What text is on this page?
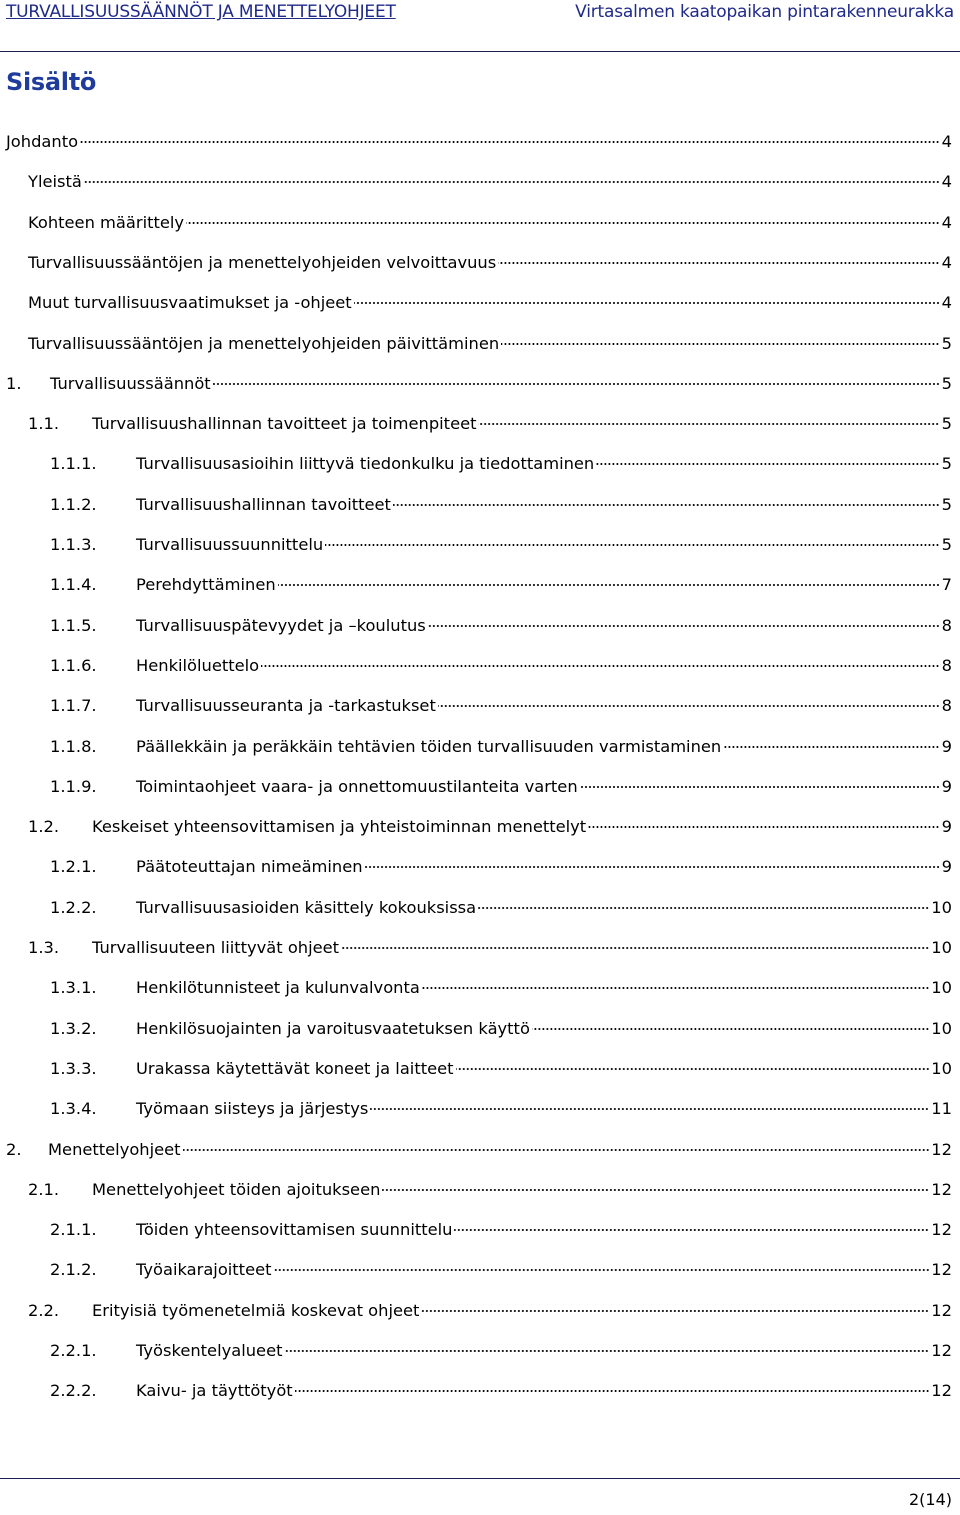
TURVALLISUUSSÄÄNNÖT JA MENETTELYOHJEET	Virtasalmen kaatopaikan pintarakenneurakka
Sisältö
Johdanto	4
Yleistä	4
Kohteen määrittely	4
Turvallisuussääntöjen ja menettelyohjeiden velvoittavuus	4
Muut turvallisuusvaatimukset ja -ohjeet	4
Turvallisuussääntöjen ja menettelyohjeiden päivittäminen	5
1.	Turvallisuussäännöt	5
1.1.	Turvallisuushallinnan tavoitteet ja toimenpiteet	5
1.1.1.	Turvallisuusasioihin liittyvä tiedonkulku ja tiedottaminen	5
1.1.2.	Turvallisuushallinnan tavoitteet	5
1.1.3.	Turvallisuussuunnittelu	5
1.1.4.	Perehdyttäminen	7
1.1.5.	Turvallisuuspätevyydet ja –koulutus	8
1.1.6.	Henkilöluettelo	8
1.1.7.	Turvallisuusseuranta ja -tarkastukset	8
1.1.8.	Päällekkäin ja peräkkäin tehtävien töiden turvallisuuden varmistaminen	9
1.1.9.	Toimintaohjeet vaara- ja onnettomuustilanteita varten	9
1.2.	Keskeiset yhteensovittamisen ja yhteistoiminnan menettelyt	9
1.2.1.	Päätoteuttajan nimeäminen	9
1.2.2.	Turvallisuusasioiden käsittely kokouksissa	10
1.3.	Turvallisuuteen liittyvät ohjeet	10
1.3.1.	Henkilötunnisteet ja kulunvalvonta	10
1.3.2.	Henkilösuojainten ja varoitusvaatetuksen käyttö	10
1.3.3.	Urakassa käytettävät koneet ja laitteet	10
1.3.4.	Työmaan siisteys ja järjestys	11
2.	Menettelyohjeet	12
2.1.	Menettelyohjeet töiden ajoitukseen	12
2.1.1.	Töiden yhteensovittamisen suunnittelu	12
2.1.2.	Työaikarajoitteet	12
2.2.	Erityisiä työmenetelmiä koskevat ohjeet	12
2.2.1.	Työskentelyalueet	12
2.2.2.	Kaivu- ja täyttötyöt	12
2(14)
